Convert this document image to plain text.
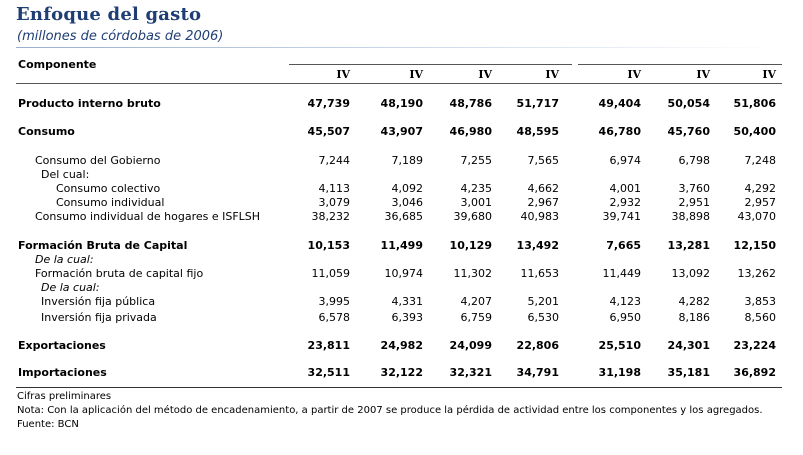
Enfoque del gasto
(millones de córdobas de 2006)
Componente
IV	IV	IV	IV	IV	IV	IV
Producto interno bruto	47,739	48,190	48,786	51,717	49,404	50,054	51,806
Consumo	45,507	43,907	46,980	48,595	46,780	45,760	50,400
Consumo del Gobierno	7,244	7,189	7,255	7,565	6,974	6,798	7,248
Del cual:
Consumo colectivo	4,113	4,092	4,235	4,662	4,001	3,760	4,292
Consumo individual	3,079	3,046	3,001	2,967	2,932	2,951	2,957
Consumo individual de hogares e ISFLSH	38,232	36,685	39,680	40,983	39,741	38,898	43,070
Formación Bruta de Capital	10,153	11,499	10,129	13,492	7,665	13,281	12,150
De la cual:
Formación bruta de capital fijo	11,059	10,974	11,302	11,653	11,449	13,092	13,262
De la cual:
Inversión fija pública	3,995	4,331	4,207	5,201	4,123	4,282	3,853
Inversión fija privada	6,578	6,393	6,759	6,530	6,950	8,186	8,560
Exportaciones	23,811	24,982	24,099	22,806	25,510	24,301	23,224
Importaciones	32,511	32,122	32,321	34,791	31,198	35,181	36,892
Cifras preliminares
Nota: Con la aplicación del método de encadenamiento, a partir de 2007 se produce la pérdida de actividad entre los componentes y los agregados.
Fuente: BCN
